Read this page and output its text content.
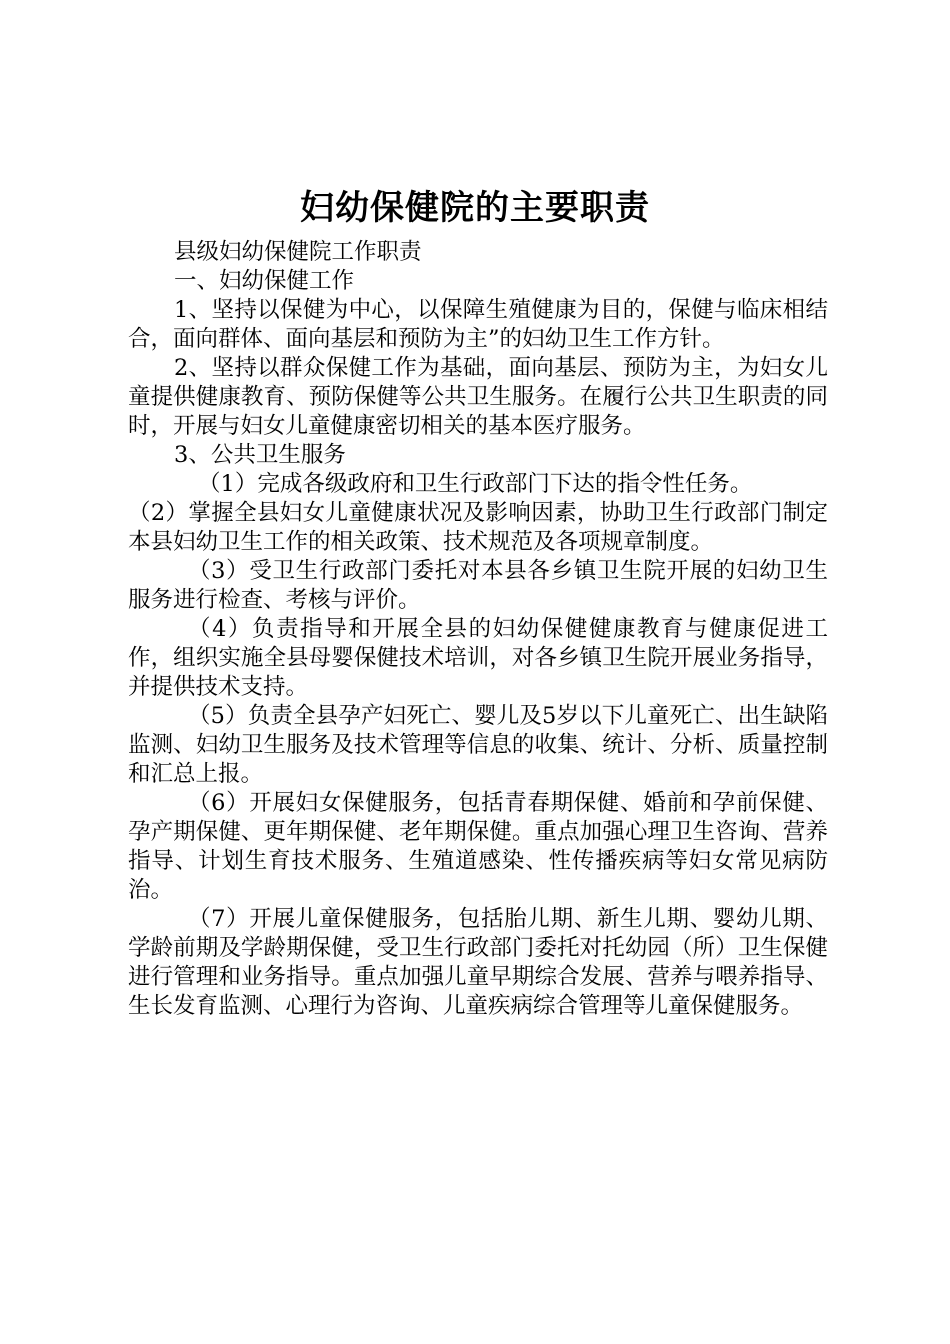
妇幼保健院的主要职责

县级妇幼保健院工作职责

一、妇幼保健工作

1、坚持以保健为中心，以保障生殖健康为目的，保健与临床相结合，面向群体、面向基层和预防为主”的妇幼卫生工作方针。

2、坚持以群众保健工作为基础，面向基层、预防为主，为妇女儿童提供健康教育、预防保健等公共卫生服务。在履行公共卫生职责的同时，开展与妇女儿童健康密切相关的基本医疗服务。

3、公共卫生服务

（1）完成各级政府和卫生行政部门下达的指令性任务。

（2）掌握全县妇女儿童健康状况及影响因素，协助卫生行政部门制定本县妇幼卫生工作的相关政策、技术规范及各项规章制度。

（3）受卫生行政部门委托对本县各乡镇卫生院开展的妇幼卫生服务进行检查、考核与评价。

（4）负责指导和开展全县的妇幼保健健康教育与健康促进工作，组织实施全县母婴保健技术培训，对各乡镇卫生院开展业务指导，并提供技术支持。

（5）负责全县孕产妇死亡、婴儿及5岁以下儿童死亡、出生缺陷监测、妇幼卫生服务及技术管理等信息的收集、统计、分析、质量控制和汇总上报。

（6）开展妇女保健服务，包括青春期保健、婚前和孕前保健、孕产期保健、更年期保健、老年期保健。重点加强心理卫生咨询、营养指导、计划生育技术服务、生殖道感染、性传播疾病等妇女常见病防治。

（7）开展儿童保健服务，包括胎儿期、新生儿期、婴幼儿期、学龄前期及学龄期保健，受卫生行政部门委托对托幼园（所）卫生保健进行管理和业务指导。重点加强儿童早期综合发展、营养与喂养指导、生长发育监测、心理行为咨询、儿童疾病综合管理等儿童保健服务。
